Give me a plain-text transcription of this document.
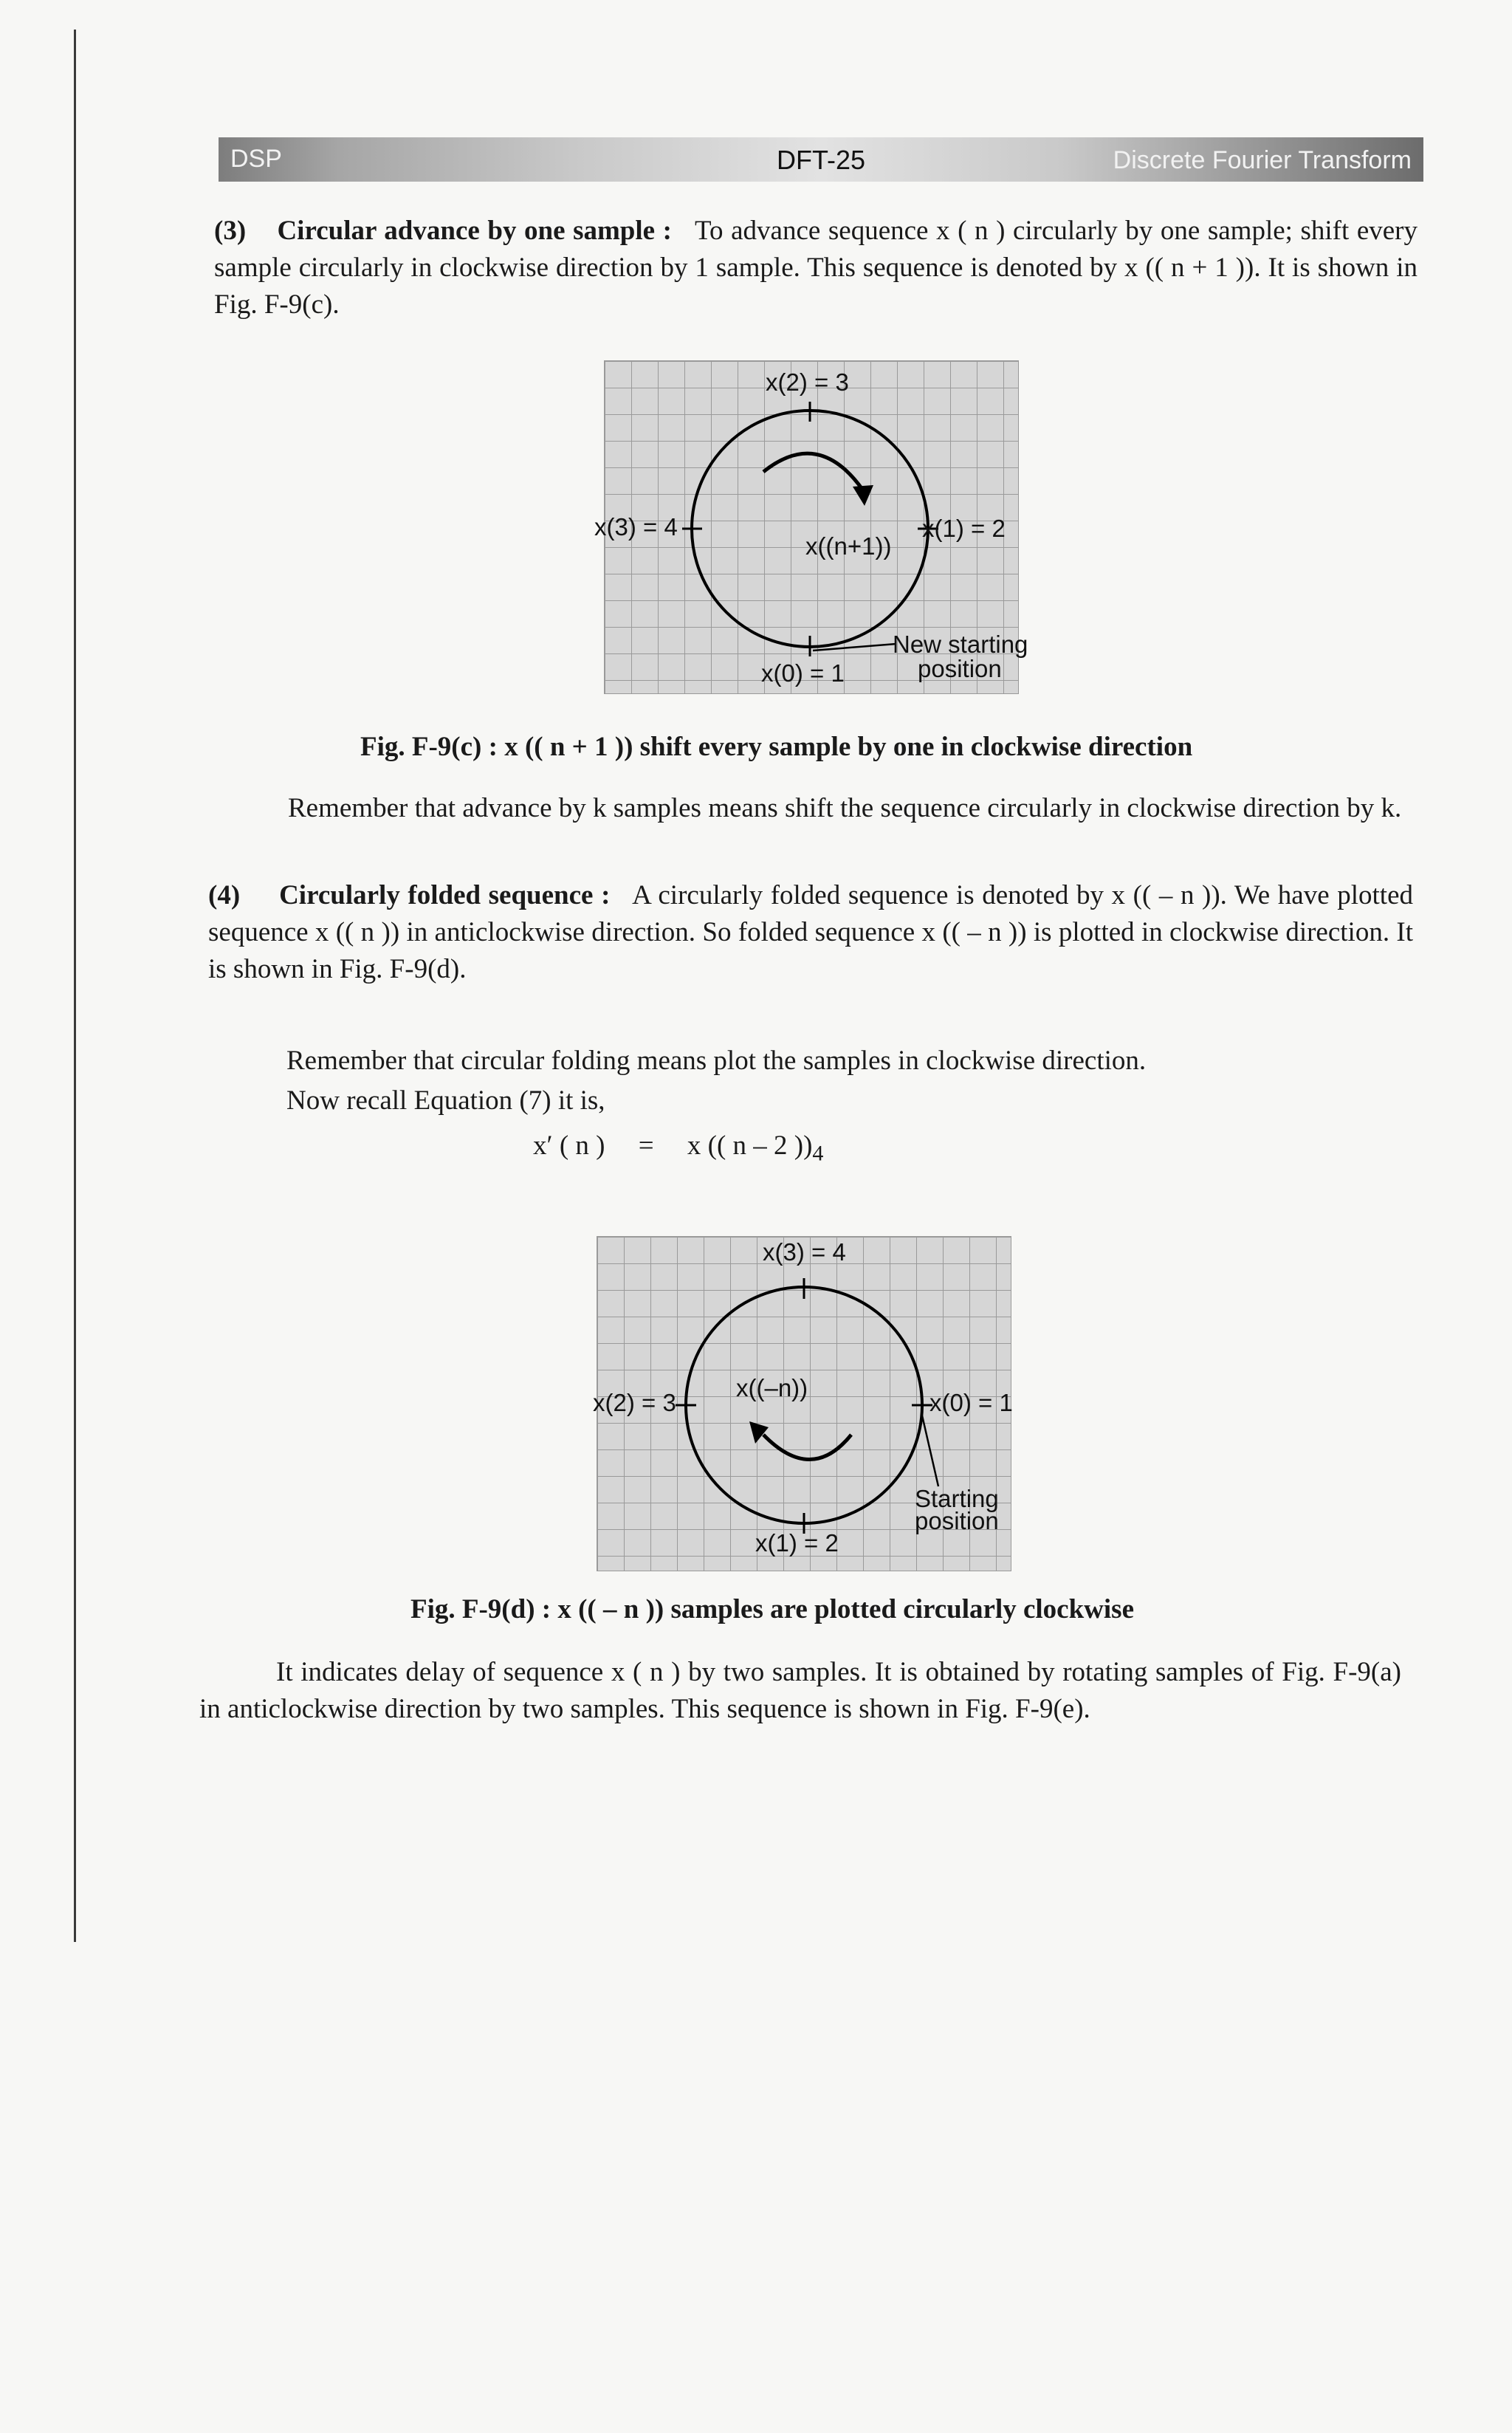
DSP	DFT-25	Discrete Fourier Transform

(3) Circular advance by one sample : To advance sequence x ( n ) circularly by one sample; shift every sample circularly in clockwise direction by 1 sample. This sequence is denoted by x (( n + 1 )). It is shown in Fig. F-9(c).

x(2) = 3
x(3) = 4	x(1) = 2
x(0) = 1
x((n+1))
New starting
position
Fig. F-9(c) : x (( n + 1 )) shift every sample by one in clockwise direction

Remember that advance by k samples means shift the sequence circularly in clockwise direction by k.

(4) Circularly folded sequence : A circularly folded sequence is denoted by x (( – n )). We have plotted sequence x (( n )) in anticlockwise direction. So folded sequence x (( – n )) is plotted in clockwise direction. It is shown in Fig. F-9(d).

Remember that circular folding means plot the samples in clockwise direction.

Now recall Equation (7) it is,

x′ ( n ) = x (( n – 2 ))$_4$
x(3) = 4
x(2) = 3	x(0) = 1
x(1) = 2
x((–n))
Starting
position
Fig. F-9(d) : x (( – n )) samples are plotted circularly clockwise

It indicates delay of sequence x ( n ) by two samples. It is obtained by rotating samples of Fig. F-9(a) in anticlockwise direction by two samples. This sequence is shown in Fig. F-9(e).
